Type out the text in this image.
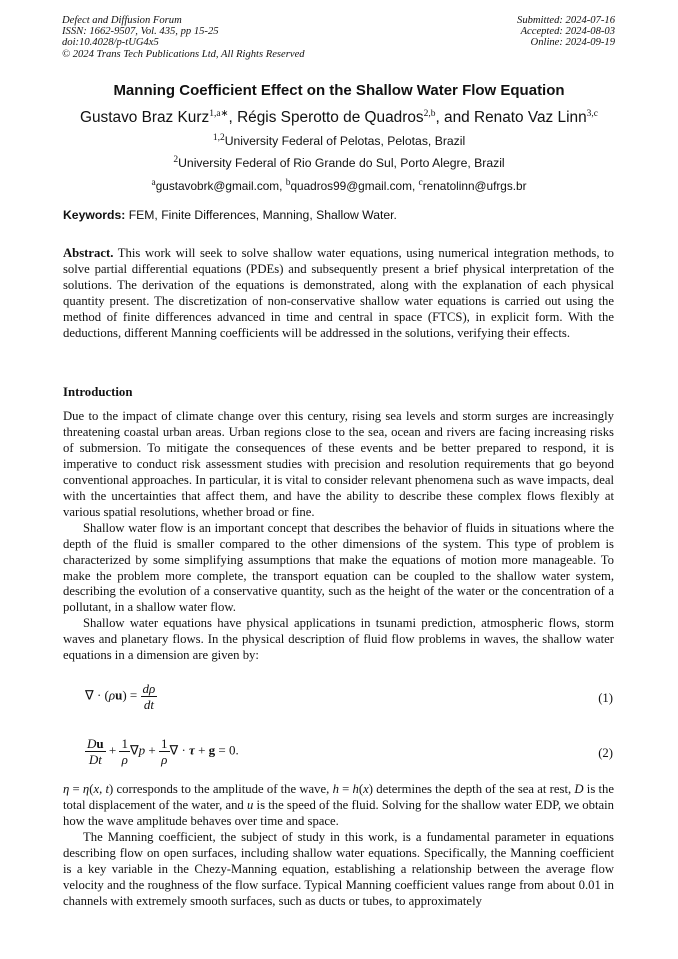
Defect and Diffusion Forum
ISSN: 1662-9507, Vol. 435, pp 15-25
doi:10.4028/p-tUG4x5
© 2024 Trans Tech Publications Ltd, All Rights Reserved
Submitted: 2024-07-16
Accepted: 2024-08-03
Online: 2024-09-19
Manning Coefficient Effect on the Shallow Water Flow Equation
Gustavo Braz Kurz$^{1,a∗}$, Régis Sperotto de Quadros$^{2,b}$, and Renato Vaz Linn$^{3,c}$
$^{1,2}$University Federal of Pelotas, Pelotas, Brazil
$^2$University Federal of Rio Grande do Sul, Porto Alegre, Brazil
$^a$gustavobrk@gmail.com, $^b$quadros99@gmail.com, $^c$renatolinn@ufrgs.br
Keywords: FEM, Finite Differences, Manning, Shallow Water.
Abstract. This work will seek to solve shallow water equations, using numerical integration methods, to solve partial differential equations (PDEs) and subsequently present a brief physical interpretation of the solutions. The derivation of the equations is demonstrated, along with the explanation of each physical quantity present. The discretization of non-conservative shallow water equations is carried out using the method of finite differences advanced in time and central in space (FTCS), in explicit form. With the deductions, different Manning coefficients will be addressed in the solutions, verifying their effects.
Introduction

Due to the impact of climate change over this century, rising sea levels and storm surges are increasingly threatening coastal urban areas. Urban regions close to the sea, ocean and rivers are facing increasing risks of submersion. To mitigate the consequences of these events and be better prepared to respond, it is imperative to conduct risk assessment studies with precision and resolution requirements that go beyond conventional approaches. In particular, it is vital to consider relevant phenomena such as wave impacts, deal with the uncertainties that affect them, and have the ability to describe these complex flows flexibly at various spatial resolutions, whether broad or fine.

Shallow water flow is an important concept that describes the behavior of fluids in situations where the depth of the fluid is smaller compared to the other dimensions of the system. This type of problem is characterized by some simplifying assumptions that make the equations of motion more manageable. To make the problem more complete, the transport equation can be coupled to the shallow water system, describing the evolution of a conservative quantity, such as the height of the water or the concentration of a pollutant, in a shallow water flow.

Shallow water equations have physical applications in tsunami prediction, atmospheric flows, storm waves and planetary flows. In the physical description of fluid flow problems in waves, the shallow water equations in a dimension are given by:

∇ · $(\rho u) = \frac{d\rho}{dt}$	(1)
$\frac{Du}{Dt} + \frac{1}{\rho} \nabla p + \frac{1}{\rho}$ ∇ · τ + g = 0.	(2)

η = η(x, t) corresponds to the amplitude of the wave, h = h(x) determines the depth of the sea at rest, D is the total displacement of the water, and u is the speed of the fluid. Solving for the shallow water EDP, we obtain how the wave amplitude behaves over time and space.

The Manning coefficient, the subject of study in this work, is a fundamental parameter in equations describing flow on open surfaces, including shallow water equations. Specifically, the Manning coefficient is a key variable in the Chezy-Manning equation, establishing a relationship between the average flow velocity and the roughness of the flow surface. Typical Manning coefficient values range from about 0.01 in channels with extremely smooth surfaces, such as ducts or tubes, to approximately
